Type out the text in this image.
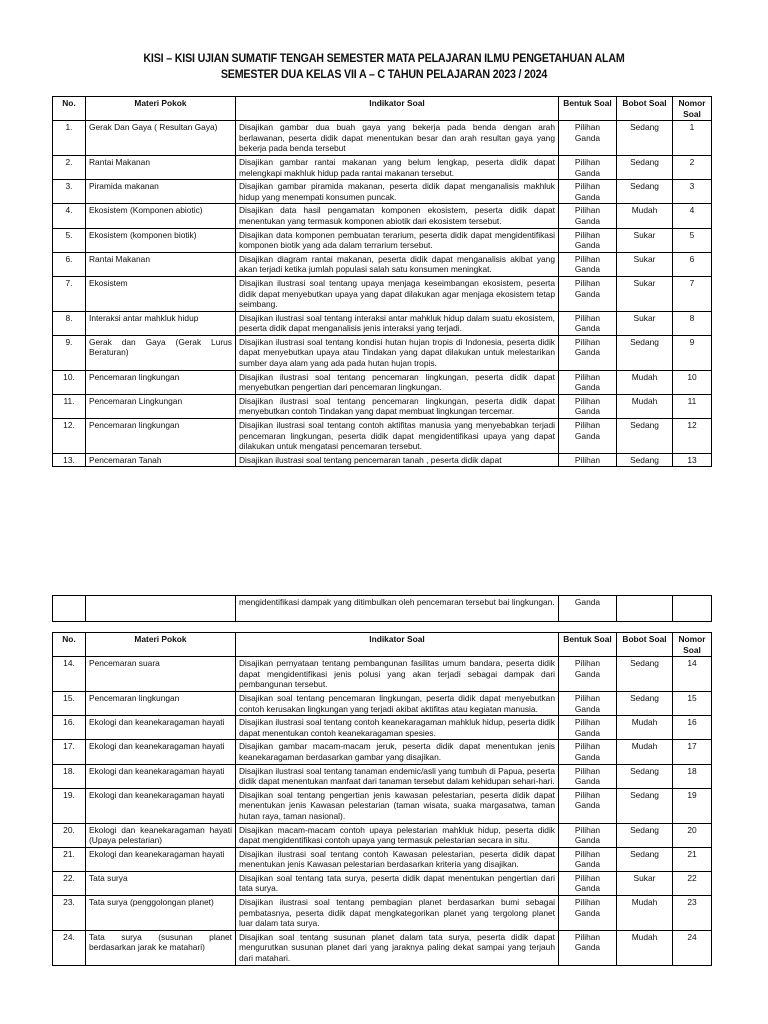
KISI – KISI UJIAN SUMATIF TENGAH SEMESTER MATA PELAJARAN ILMU PENGETAHUAN ALAM
SEMESTER DUA KELAS VII A – C TAHUN PELAJARAN 2023 / 2024
No.	Materi Pokok	Indikator Soal	Bentuk Soal	Bobot Soal	Nomor Soal
1.	Gerak Dan Gaya ( Resultan Gaya)	Disajikan gambar dua buah gaya yang bekerja pada benda dengan arah berlawanan, peserta didik dapat menentukan besar dan arah resultan gaya yang bekerja pada benda tersebut	Pilihan Ganda	Sedang	1
2.	Rantai Makanan	Disajikan gambar rantai makanan yang belum lengkap, peserta didik dapat melengkapi makhluk hidup pada rantai makanan tersebut.	Pilihan Ganda	Sedang	2
3.	Piramida makanan	Disajikan gambar piramida makanan, peserta didik dapat menganalisis makhluk hidup yang menempati konsumen puncak.	Pilihan Ganda	Sedang	3
4.	Ekosistem (Komponen abiotic)	Disajikan data hasil pengamatan komponen ekosistem, peserta didik dapat menentukan yang termasuk komponen abiotik dari ekosistem tersebut.	Pilihan Ganda	Mudah	4
5.	Ekosistem (komponen biotik)	Disajikan data komponen pembuatan terarium, peserta didik dapat mengidentifikasi komponen biotik yang ada dalam terrarium tersebut.	Pilihan Ganda	Sukar	5
6.	Rantai Makanan	Disajikan diagram rantai makanan, peserta didik dapat menganalisis akibat yang akan terjadi ketika jumlah populasi salah satu konsumen meningkat.	Pilihan Ganda	Sukar	6
7.	Ekosistem	Disajikan ilustrasi soal tentang upaya menjaga keseimbangan ekosistem, peserta didik dapat menyebutkan upaya yang dapat dilakukan agar menjaga ekosistem tetap seimbang.	Pilihan Ganda	Sukar	7
8.	Interaksi antar mahkluk hidup	Disajikan ilustrasi soal tentang interaksi antar mahkluk hidup dalam suatu ekosistem, peserta didik dapat menganalisis jenis interaksi yang terjadi.	Pilihan Ganda	Sukar	8
9.	Gerak dan Gaya (Gerak Lurus Beraturan)	Disajikan ilustrasi soal tentang kondisi hutan hujan tropis di Indonesia, peserta didik dapat menyebutkan upaya atau Tindakan yang dapat dilakukan untuk melestarikan sumber daya alam yang ada pada hutan hujan tropis.	Pilihan Ganda	Sedang	9
10.	Pencemaran lingkungan	Disajikan ilustrasi soal tentang pencemaran lingkungan, peserta didik dapat menyebutkan pengertian dari pencemaran lingkungan.	Pilihan Ganda	Mudah	10
11.	Pencemaran Lingkungan	Disajikan ilustrasi soal tentang pencemaran lingkungan, peserta didik dapat menyebutkan contoh Tindakan yang dapat membuat lingkungan tercemar.	Pilihan Ganda	Mudah	11
12.	Pencemaran lingkungan	Disajikan ilustrasi soal tentang contoh aktifitas manusia yang menyebabkan terjadi pencemaran lingkungan, peserta didik dapat mengidentifikasi upaya yang dapat dilakukan untuk mengatasi pencemaran tersebut.	Pilihan Ganda	Sedang	12
13.	Pencemaran Tanah	Disajikan ilustrasi soal tentang pencemaran tanah , peserta didik dapat	Pilihan	Sedang	13
		mengidentifikasi dampak yang ditimbulkan oleh pencemaran tersebut bai lingkungan.	Ganda		
No.	Materi Pokok	Indikator Soal	Bentuk Soal	Bobot Soal	Nomor Soal
14.	Pencemaran suara	Disajikan pernyataan tentang pembangunan fasilitas umum bandara, peserta didik dapat mengidentifikasi jenis polusi yang akan terjadi sebagai dampak dari pembangunan tersebut.	Pilihan Ganda	Sedang	14
15.	Pencemaran lingkungan	Disajikan soal tentang pencemaran lingkungan, peserta didik dapat menyebutkan contoh kerusakan lingkungan yang terjadi akibat aktifitas atau kegiatan manusia.	Pilihan Ganda	Sedang	15
16.	Ekologi dan keanekaragaman hayati	Disajikan ilustrasi soal tentang contoh keanekaragaman mahkluk hidup, peserta didik dapat menentukan contoh keanekaragaman spesies.	Pilihan Ganda	Mudah	16
17.	Ekologi dan keanekaragaman hayati	Disajikan gambar macam-macam jeruk, peserta didik dapat menentukan jenis keanekaragaman berdasarkan gambar yang disajikan.	Pilihan Ganda	Mudah	17
18.	Ekologi dan keanekaragaman hayati	Disajikan ilustrasi soal tentang tanaman endemic/asli yang tumbuh di Papua, peserta didik dapat menentukan manfaat dari tanaman tersebut dalam kehidupan sehari-hari.	Pilihan Ganda	Sedang	18
19.	Ekologi dan keanekaragaman hayati	Disajikan soal tentang pengertian jenis kawasan pelestarian, peserta didik dapat menentukan jenis Kawasan pelestarian (taman wisata, suaka margasatwa, taman hutan raya, taman nasional).	Pilihan Ganda	Sedang	19
20.	Ekologi dan keanekaragaman hayati (Upaya pelestarian)	Disajikan macam-macam contoh upaya pelestarian mahkluk hidup, peserta didik dapat mengidentifikasi contoh upaya yang termasuk pelestarian secara in situ.	Pilihan Ganda	Sedang	20
21.	Ekologi dan keanekaragaman hayati	Disajikan ilustrasi soal tentang contoh Kawasan pelestarian, peserta didik dapat menentukan jenis Kawasan pelestarian berdasarkan kriteria yang disajikan.	Pilihan Ganda	Sedang	21
22.	Tata surya	Disajikan soal tentang tata surya, peserta didik dapat menentukan pengertian dari tata surya.	Pilihan Ganda	Sukar	22
23.	Tata surya (penggolongan planet)	Disajikan ilustrasi soal tentang pembagian planet berdasarkan bumi sebagai pembatasnya, peserta didik dapat mengkategorikan planet yang tergolong planet luar dalam tata surya.	Pilihan Ganda	Mudah	23
24.	Tata surya (susunan planet berdasarkan jarak ke matahari)	Disajikan soal tentang susunan planet dalam tata surya, peserta didik dapat mengurutkan susunan planet dari yang jaraknya paling dekat sampai yang terjauh dari matahari.	Pilihan Ganda	Mudah	24
